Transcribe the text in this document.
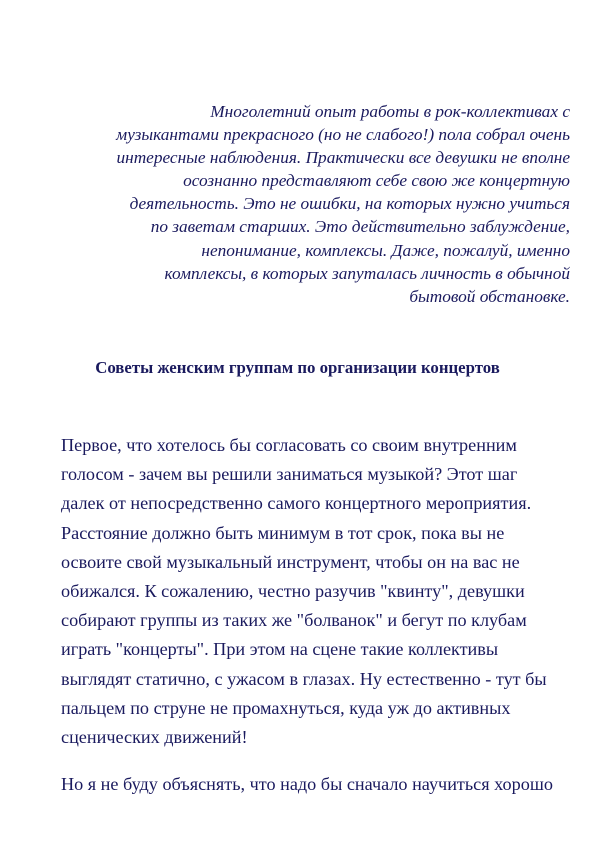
Многолетний опыт работы в рок-коллективах с
музыкантами прекрасного (но не слабого!) пола собрал очень
интересные наблюдения. Практически все девушки не вполне
осознанно представляют себе свою же концертную
деятельность. Это не ошибки, на которых нужно учиться
по заветам старших. Это действительно заблуждение,
непонимание, комплексы. Даже, пожалуй, именно
комплексы, в которых запуталась личность в обычной
бытовой обстановке.
Советы женским группам по организации концертов
Первое, что хотелось бы согласовать со своим внутренним
голосом - зачем вы решили заниматься музыкой? Этот шаг
далек от непосредственно самого концертного мероприятия.
Расстояние должно быть минимум в тот срок, пока вы не
освоите свой музыкальный инструмент, чтобы он на вас не
обижался. К сожалению, честно разучив "квинту", девушки
собирают группы из таких же "болванок" и бегут по клубам
играть "концерты". При этом на сцене такие коллективы
выглядят статично, с ужасом в глазах. Ну естественно - тут бы
пальцем по струне не промахнуться, куда уж до активных
сценических движений!
Но я не буду объяснять, что надо бы сначало научиться хорошо
